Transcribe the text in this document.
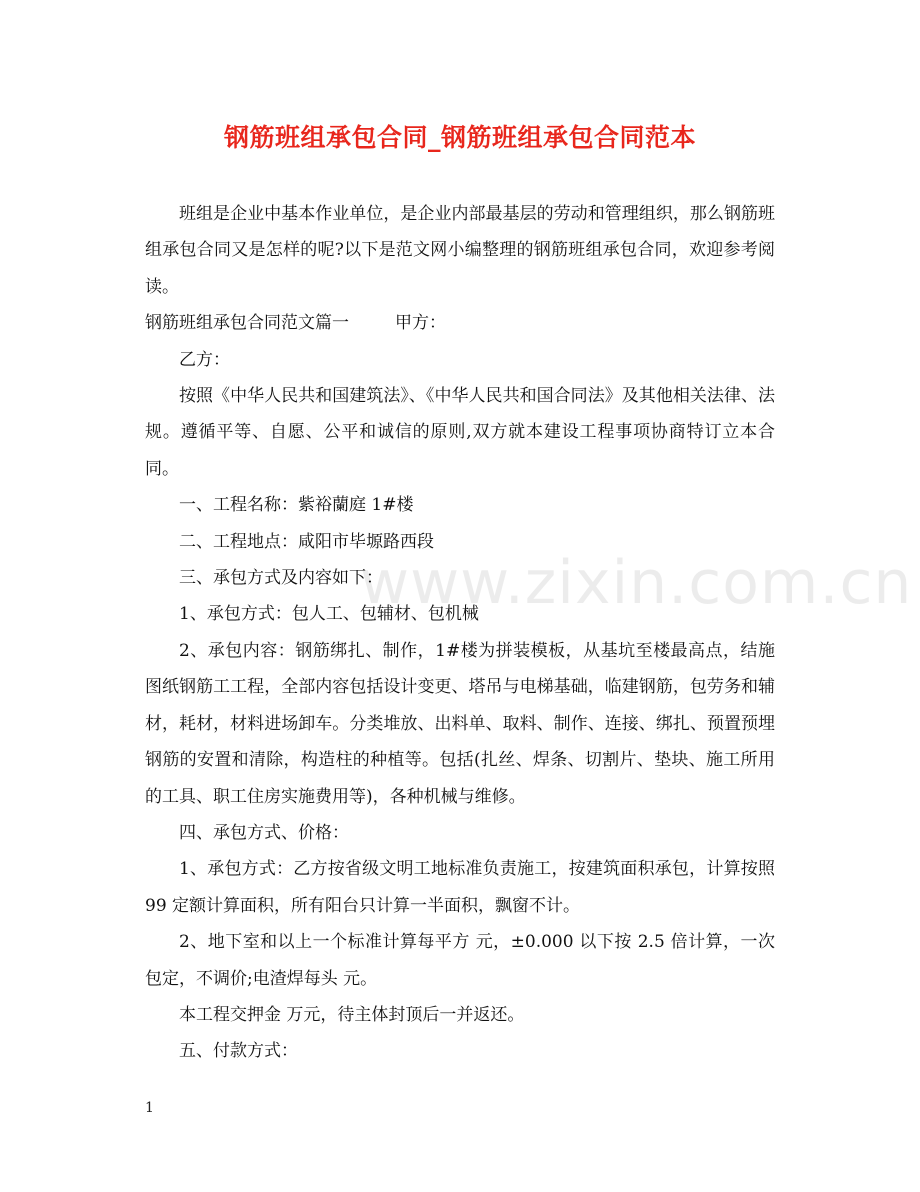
钢筋班组承包合同_钢筋班组承包合同范本

班组是企业中基本作业单位，是企业内部最基层的劳动和管理组织，那么钢筋班组承包合同又是怎样的呢?以下是范文网小编整理的钢筋班组承包合同，欢迎参考阅读。

钢筋班组承包合同范文篇一	甲方：

乙方：

按照《中华人民共和国建筑法》、《中华人民共和国合同法》及其他相关法律、法规。遵循平等、自愿、公平和诚信的原则,双方就本建设工程事项协商特订立本合同。

一、工程名称：紫裕蘭庭 1#楼

二、工程地点：咸阳市毕塬路西段

三、承包方式及内容如下：

1、承包方式：包人工、包辅材、包机械

2、承包内容：钢筋绑扎、制作，1#楼为拼装模板，从基坑至楼最高点，结施图纸钢筋工工程，全部内容包括设计变更、塔吊与电梯基础，临建钢筋，包劳务和辅材，耗材，材料进场卸车。分类堆放、出料单、取料、制作、连接、绑扎、预置预埋钢筋的安置和清除，构造柱的种植等。包括(扎丝、焊条、切割片、垫块、施工所用的工具、职工住房实施费用等)，各种机械与维修。

四、承包方式、价格：

1、承包方式：乙方按省级文明工地标准负责施工，按建筑面积承包，计算按照 99 定额计算面积，所有阳台只计算一半面积，飘窗不计。

2、地下室和以上一个标准计算每平方 元，±0.000 以下按 2.5 倍计算，一次包定，不调价;电渣焊每头 元。

本工程交押金 万元，待主体封顶后一并返还。

五、付款方式：

www.zixin.com.cn
1
